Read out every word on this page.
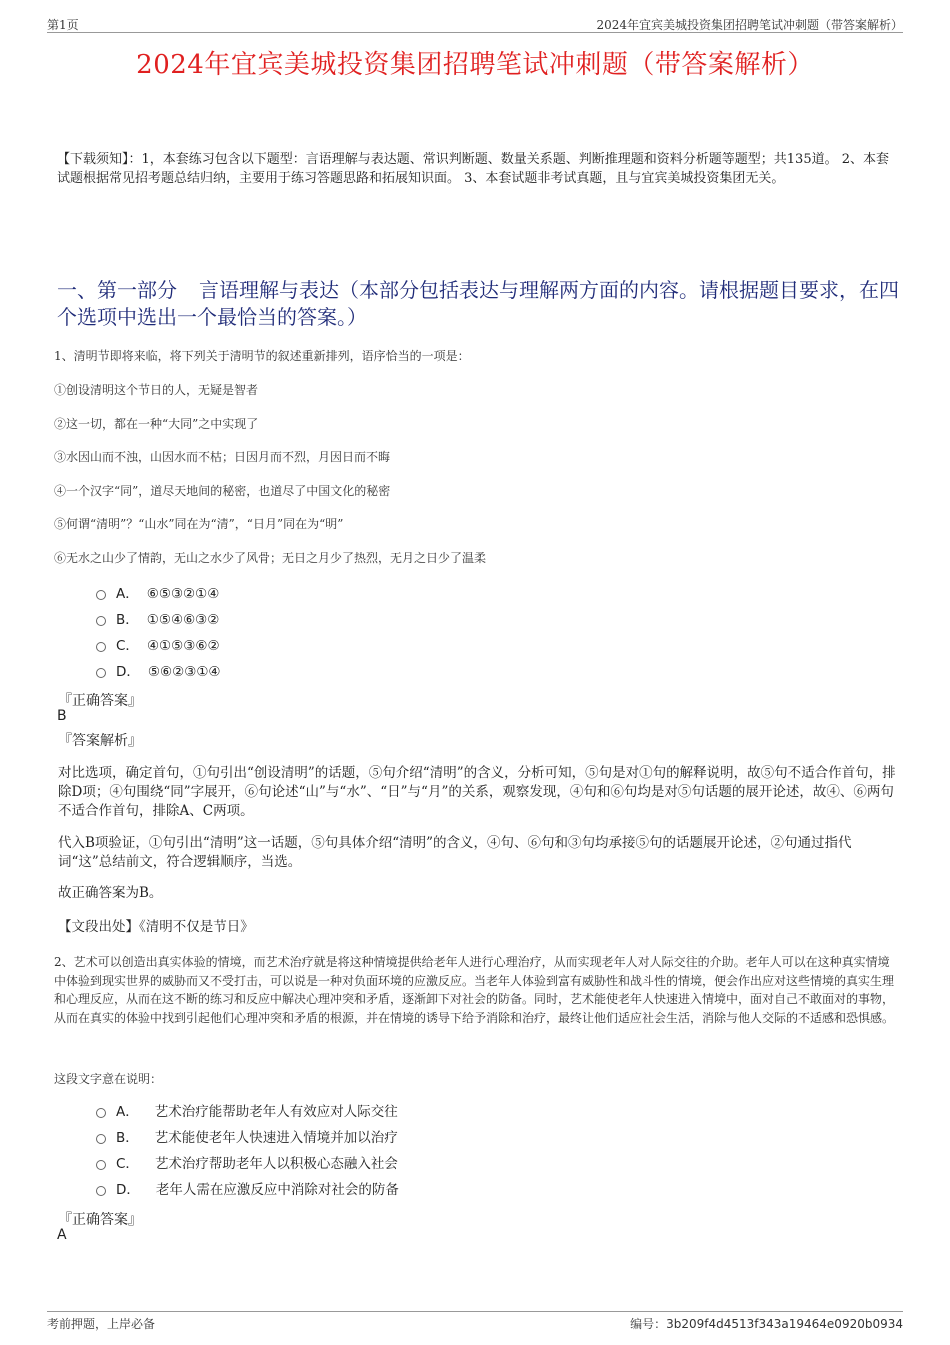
第1页	2024年宜宾美城投资集团招聘笔试冲刺题（带答案解析）
2024年宜宾美城投资集团招聘笔试冲刺题（带答案解析）
【下载须知】：1，本套练习包含以下题型：言语理解与表达题、常识判断题、数量关系题、判断推理题和资料分析题等题型；共135道。 2、本套试题根据常见招考题总结归纳，主要用于练习答题思路和拓展知识面。 3、本套试题非考试真题，且与宜宾美城投资集团无关。
一、第一部分 言语理解与表达（本部分包括表达与理解两方面的内容。请根据题目要求，在四个选项中选出一个最恰当的答案。）
1、清明节即将来临，将下列关于清明节的叙述重新排列，语序恰当的一项是：
①创设清明这个节日的人，无疑是智者
②这一切，都在一种“大同”之中实现了
③水因山而不浊，山因水而不枯；日因月而不烈，月因日而不晦
④一个汉字“同”，道尽天地间的秘密，也道尽了中国文化的秘密
⑤何谓“清明”？“山水”同在为“清”，“日月”同在为“明”
⑥无水之山少了情韵，无山之水少了风骨；无日之月少了热烈，无月之日少了温柔
A． ⑥⑤③②①④
B． ①⑤④⑥③②
C． ④①⑤③⑥②
D． ⑤⑥②③①④
『正确答案』
B
『答案解析』
对比选项，确定首句，①句引出“创设清明”的话题，⑤句介绍“清明”的含义，分析可知，⑤句是对①句的解释说明，故⑤句不适合作首句，排除D项；④句围绕“同”字展开，⑥句论述“山”与“水”、“日”与“月”的关系，观察发现，④句和⑥句均是对⑤句话题的展开论述，故④、⑥两句不适合作首句，排除A、C两项。
代入B项验证，①句引出“清明”这一话题，⑤句具体介绍“清明”的含义，④句、⑥句和③句均承接⑤句的话题展开论述，②句通过指代词“这”总结前文，符合逻辑顺序，当选。
故正确答案为B。
【文段出处】《清明不仅是节日》
2、艺术可以创造出真实体验的情境，而艺术治疗就是将这种情境提供给老年人进行心理治疗，从而实现老年人对人际交往的介助。老年人可以在这种真实情境中体验到现实世界的威胁而又不受打击，可以说是一种对负面环境的应激反应。当老年人体验到富有威胁性和战斗性的情境，便会作出应对这些情境的真实生理和心理反应，从而在这不断的练习和反应中解决心理冲突和矛盾，逐渐卸下对社会的防备。同时，艺术能使老年人快速进入情境中，面对自己不敢面对的事物，从而在真实的体验中找到引起他们心理冲突和矛盾的根源，并在情境的诱导下给予消除和治疗，最终让他们适应社会生活，消除与他人交际的不适感和恐惧感。
这段文字意在说明：
A． 艺术治疗能帮助老年人有效应对人际交往
B． 艺术能使老年人快速进入情境并加以治疗
C． 艺术治疗帮助老年人以积极心态融入社会
D． 老年人需在应激反应中消除对社会的防备
『正确答案』
A
考前押题，上岸必备	编号：3b209f4d4513f343a19464e0920b0934
